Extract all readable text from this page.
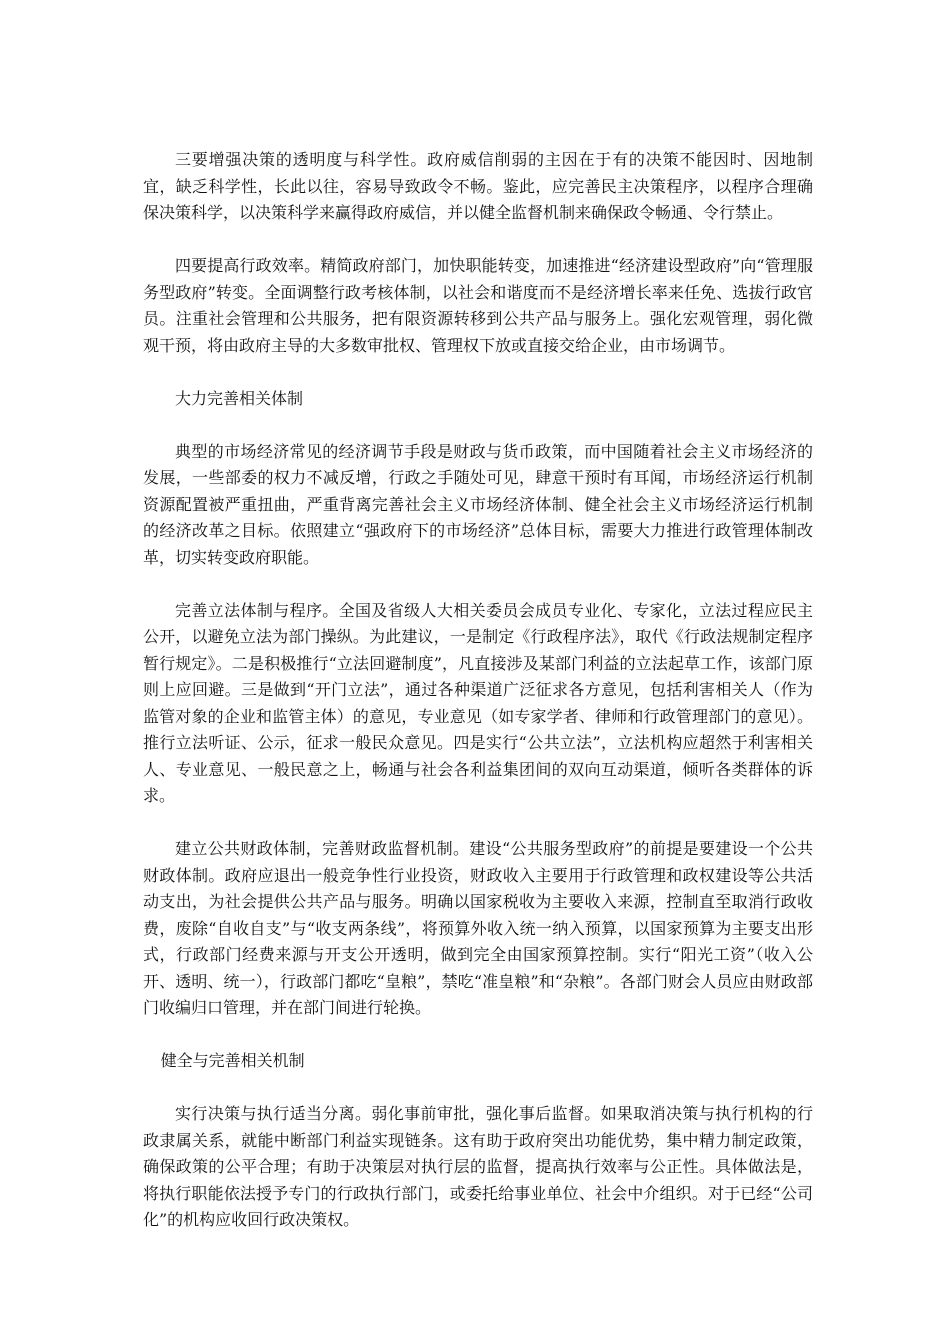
三要增强决策的透明度与科学性。政府威信削弱的主因在于有的决策不能因时、因地制宜，缺乏科学性，长此以往，容易导致政令不畅。鉴此，应完善民主决策程序，以程序合理确保决策科学，以决策科学来赢得政府威信，并以健全监督机制来确保政令畅通、令行禁止。

四要提高行政效率。精简政府部门，加快职能转变，加速推进“经济建设型政府”向“管理服务型政府”转变。全面调整行政考核体制，以社会和谐度而不是经济增长率来任免、选拔行政官员。注重社会管理和公共服务，把有限资源转移到公共产品与服务上。强化宏观管理，弱化微观干预，将由政府主导的大多数审批权、管理权下放或直接交给企业，由市场调节。

大力完善相关体制

典型的市场经济常见的经济调节手段是财政与货币政策，而中国随着社会主义市场经济的发展，一些部委的权力不减反增，行政之手随处可见，肆意干预时有耳闻，市场经济运行机制资源配置被严重扭曲，严重背离完善社会主义市场经济体制、健全社会主义市场经济运行机制的经济改革之目标。依照建立“强政府下的市场经济”总体目标，需要大力推进行政管理体制改革，切实转变政府职能。

完善立法体制与程序。全国及省级人大相关委员会成员专业化、专家化，立法过程应民主公开，以避免立法为部门操纵。为此建议，一是制定《行政程序法》，取代《行政法规制定程序暂行规定》。二是积极推行“立法回避制度”，凡直接涉及某部门利益的立法起草工作，该部门原则上应回避。三是做到“开门立法”，通过各种渠道广泛征求各方意见，包括利害相关人（作为监管对象的企业和监管主体）的意见，专业意见（如专家学者、律师和行政管理部门的意见）。推行立法听证、公示，征求一般民众意见。四是实行“公共立法”，立法机构应超然于利害相关人、专业意见、一般民意之上，畅通与社会各利益集团间的双向互动渠道，倾听各类群体的诉求。

建立公共财政体制，完善财政监督机制。建设“公共服务型政府”的前提是要建设一个公共财政体制。政府应退出一般竞争性行业投资，财政收入主要用于行政管理和政权建设等公共活动支出，为社会提供公共产品与服务。明确以国家税收为主要收入来源，控制直至取消行政收费，废除“自收自支”与“收支两条线”，将预算外收入统一纳入预算，以国家预算为主要支出形式，行政部门经费来源与开支公开透明，做到完全由国家预算控制。实行“阳光工资”（收入公开、透明、统一），行政部门都吃“皇粮”，禁吃“准皇粮”和“杂粮”。各部门财会人员应由财政部门收编归口管理，并在部门间进行轮换。

健全与完善相关机制

实行决策与执行适当分离。弱化事前审批，强化事后监督。如果取消决策与执行机构的行政隶属关系，就能中断部门利益实现链条。这有助于政府突出功能优势，集中精力制定政策，确保政策的公平合理；有助于决策层对执行层的监督，提高执行效率与公正性。具体做法是，将执行职能依法授予专门的行政执行部门，或委托给事业单位、社会中介组织。对于已经“公司化”的机构应收回行政决策权。
